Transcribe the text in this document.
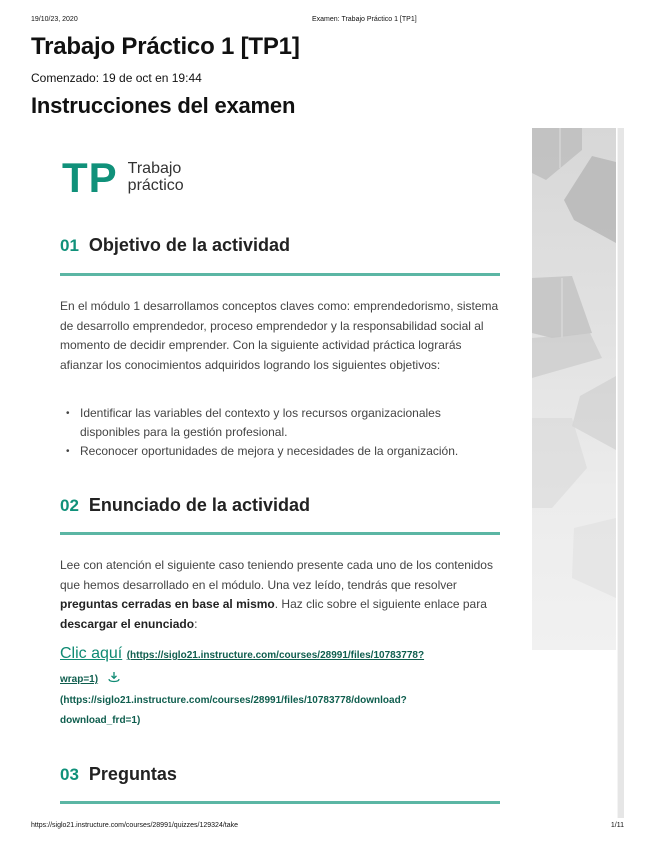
19/10/23, 2020	Examen: Trabajo Práctico 1 [TP1]
Trabajo Práctico 1 [TP1]
Comenzado: 19 de oct en 19:44
Instrucciones del examen
TP Trabajo
práctico
01 Objetivo de la actividad

En el módulo 1 desarrollamos conceptos claves como: emprendedorismo, sistema de desarrollo emprendedor, proceso emprendedor y la responsabilidad social al momento de decidir emprender. Con la siguiente actividad práctica lograrás afianzar los conocimientos adquiridos logrando los siguientes objetivos:

• Identificar las variables del contexto y los recursos organizacionales disponibles para la gestión profesional.
• Reconocer oportunidades de mejora y necesidades de la organización.
02 Enunciado de la actividad

Lee con atención el siguiente caso teniendo presente cada uno de los contenidos que hemos desarrollado en el módulo. Una vez leído, tendrás que resolver preguntas cerradas en base al mismo. Haz clic sobre el siguiente enlace para descargar el enunciado:

Clic aquí (https://siglo21.instructure.com/courses/28991/files/10783778?
wrap=1)
(https://siglo21.instructure.com/courses/28991/files/10783778/download?
download_frd=1)
03 Preguntas
https://siglo21.instructure.com/courses/28991/quizzes/129324/take	1/11
